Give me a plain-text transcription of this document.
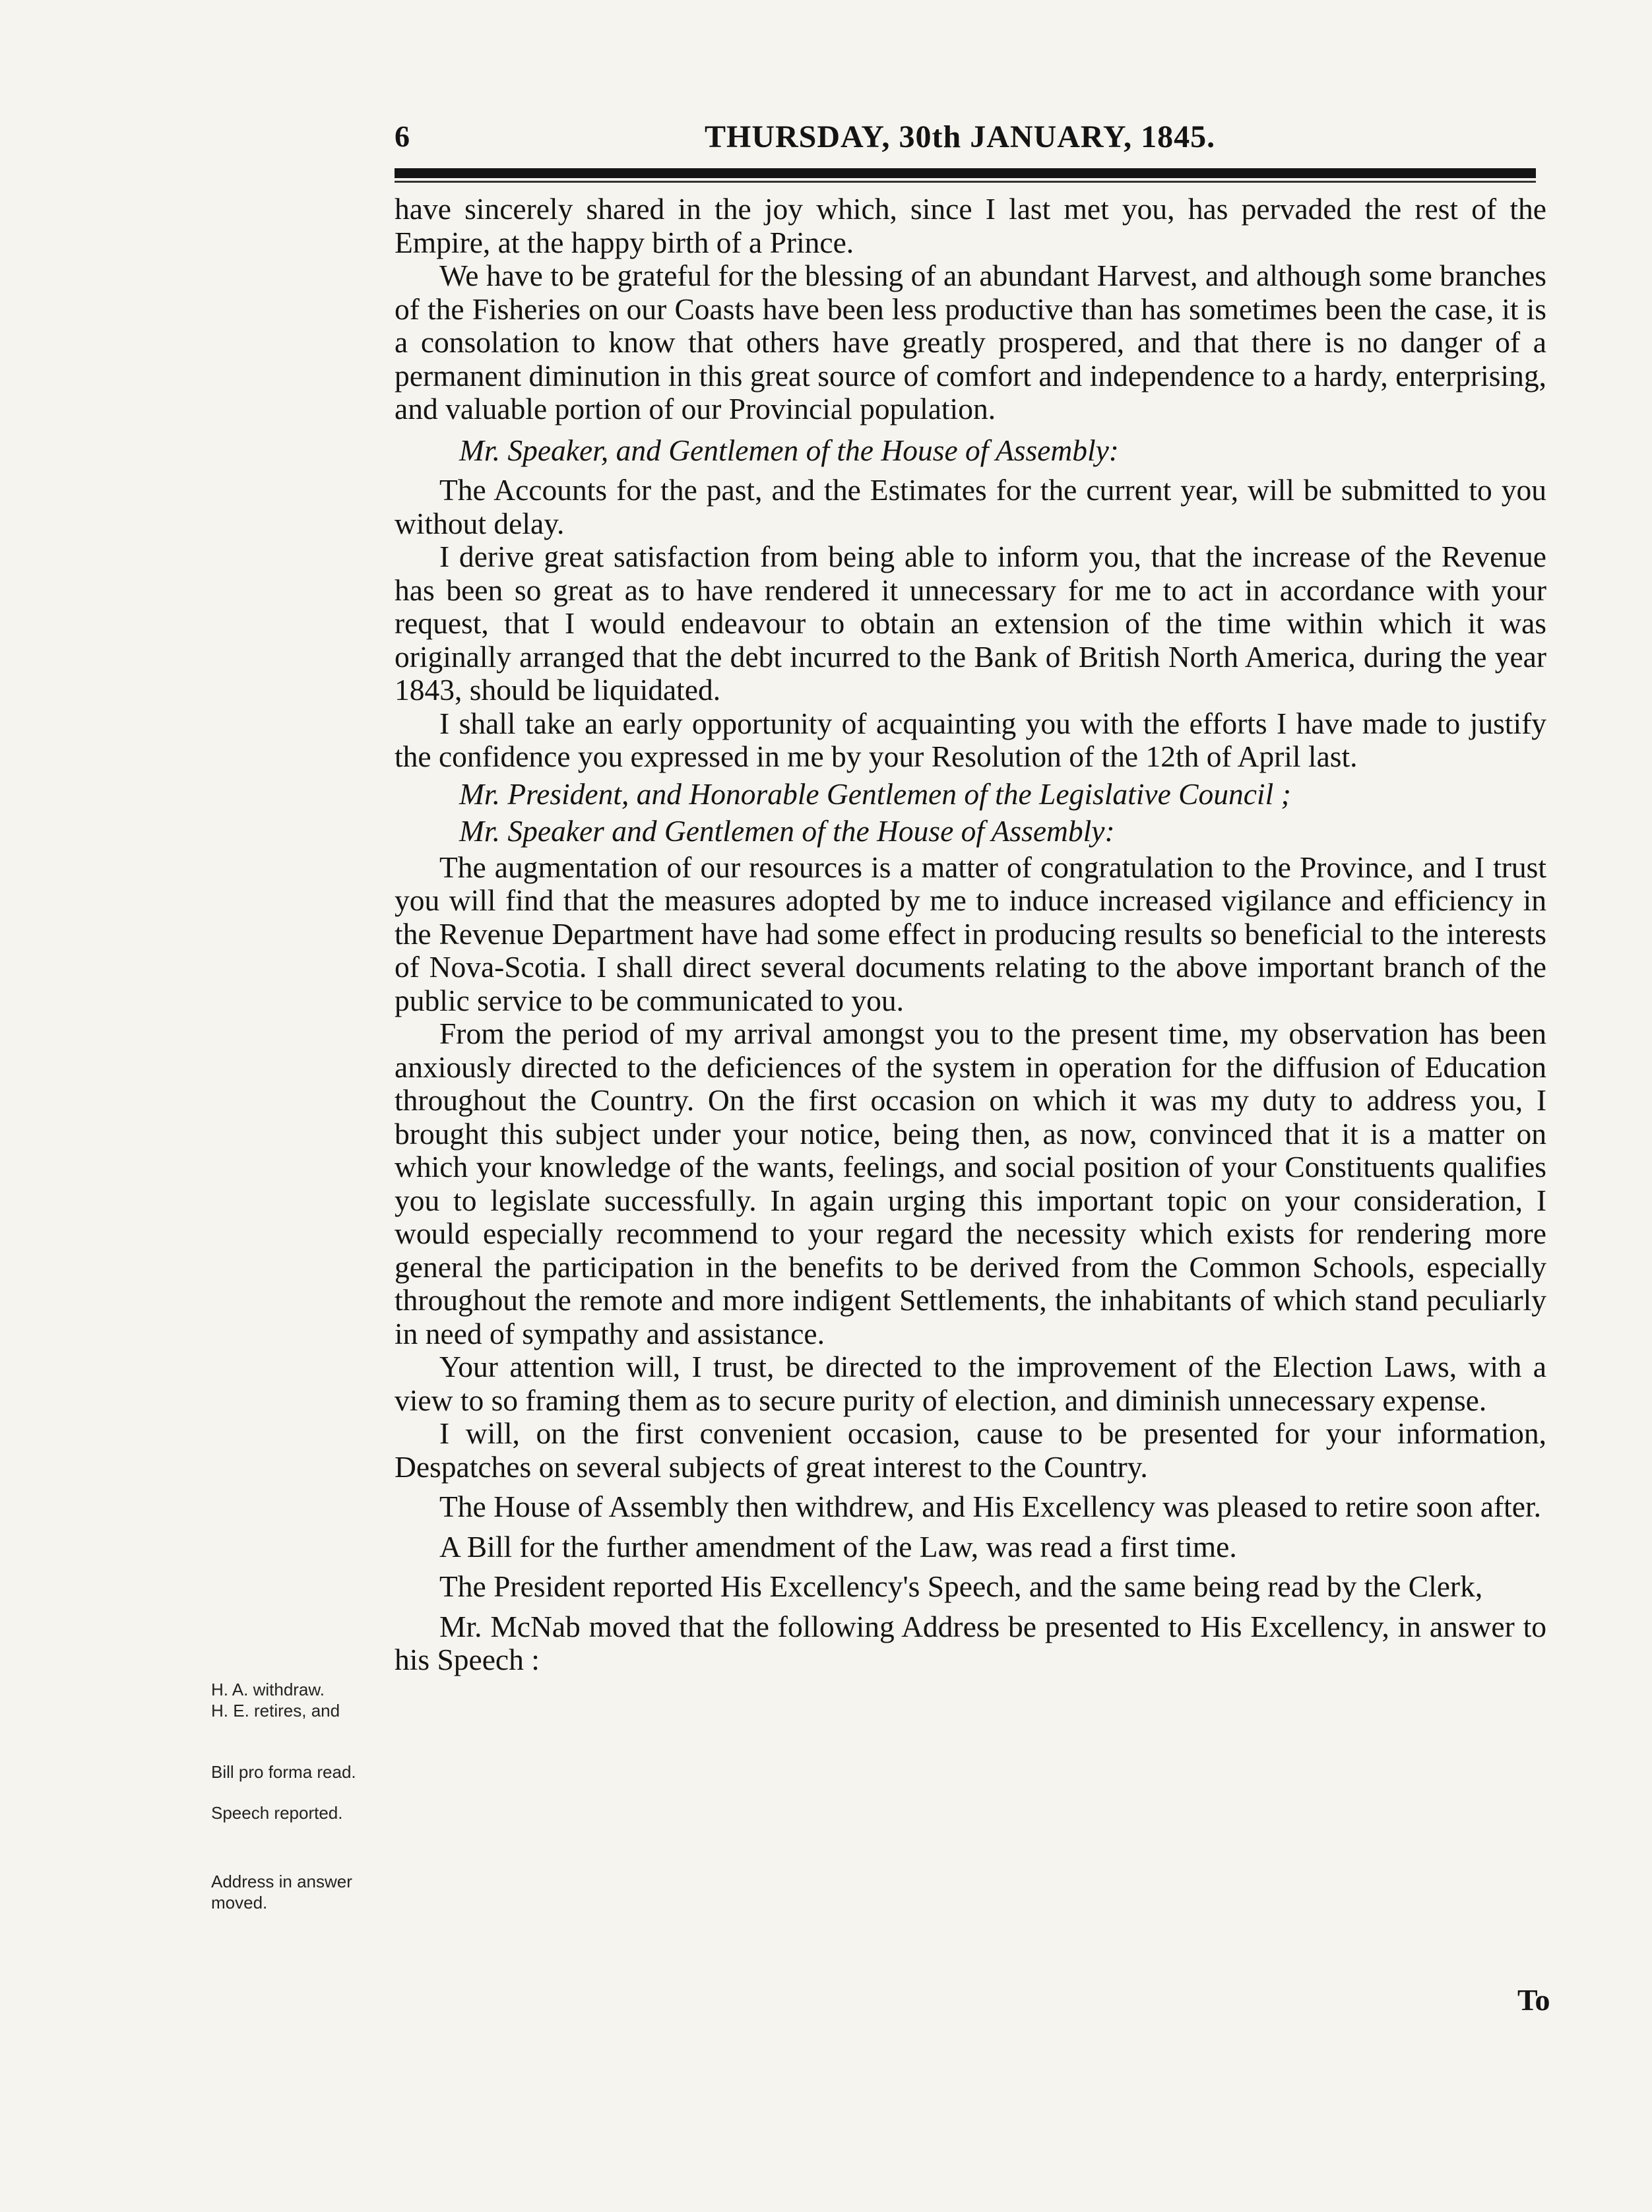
6	THURSDAY, 30th JANUARY, 1845.

have sincerely shared in the joy which, since I last met you, has pervaded the rest of the Empire, at the happy birth of a Prince.

We have to be grateful for the blessing of an abundant Harvest, and although some branches of the Fisheries on our Coasts have been less productive than has sometimes been the case, it is a consolation to know that others have greatly prospered, and that there is no danger of a permanent diminution in this great source of comfort and independence to a hardy, enterprising, and valuable portion of our Provincial population.

Mr. Speaker, and Gentlemen of the House of Assembly:

The Accounts for the past, and the Estimates for the current year, will be submitted to you without delay.

I derive great satisfaction from being able to inform you, that the increase of the Revenue has been so great as to have rendered it unnecessary for me to act in accordance with your request, that I would endeavour to obtain an extension of the time within which it was originally arranged that the debt incurred to the Bank of British North America, during the year 1843, should be liquidated.

I shall take an early opportunity of acquainting you with the efforts I have made to justify the confidence you expressed in me by your Resolution of the 12th of April last.

Mr. President, and Honorable Gentlemen of the Legislative Council ;

Mr. Speaker and Gentlemen of the House of Assembly:

The augmentation of our resources is a matter of congratulation to the Province, and I trust you will find that the measures adopted by me to induce increased vigilance and efficiency in the Revenue Department have had some effect in producing results so beneficial to the interests of Nova-Scotia. I shall direct several documents relating to the above important branch of the public service to be communicated to you.

From the period of my arrival amongst you to the present time, my observation has been anxiously directed to the deficiences of the system in operation for the diffusion of Education throughout the Country. On the first occasion on which it was my duty to address you, I brought this subject under your notice, being then, as now, convinced that it is a matter on which your knowledge of the wants, feelings, and social position of your Constituents qualifies you to legislate successfully. In again urging this important topic on your consideration, I would especially recommend to your regard the necessity which exists for rendering more general the participation in the benefits to be derived from the Common Schools, especially throughout the remote and more indigent Settlements, the inhabitants of which stand peculiarly in need of sympathy and assistance.

Your attention will, I trust, be directed to the improvement of the Election Laws, with a view to so framing them as to secure purity of election, and diminish unnecessary expense.

I will, on the first convenient occasion, cause to be presented for your information, Despatches on several subjects of great interest to the Country.

The House of Assembly then withdrew, and His Excellency was pleased to retire soon after.

A Bill for the further amendment of the Law, was read a first time.

The President reported His Excellency's Speech, and the same being read by the Clerk,

Mr. McNab moved that the following Address be presented to His Excellency, in answer to his Speech :

H. A. withdraw.
H. E. retires, and
Bill pro forma read.
Speech reported.
Address in answer
moved.
To
